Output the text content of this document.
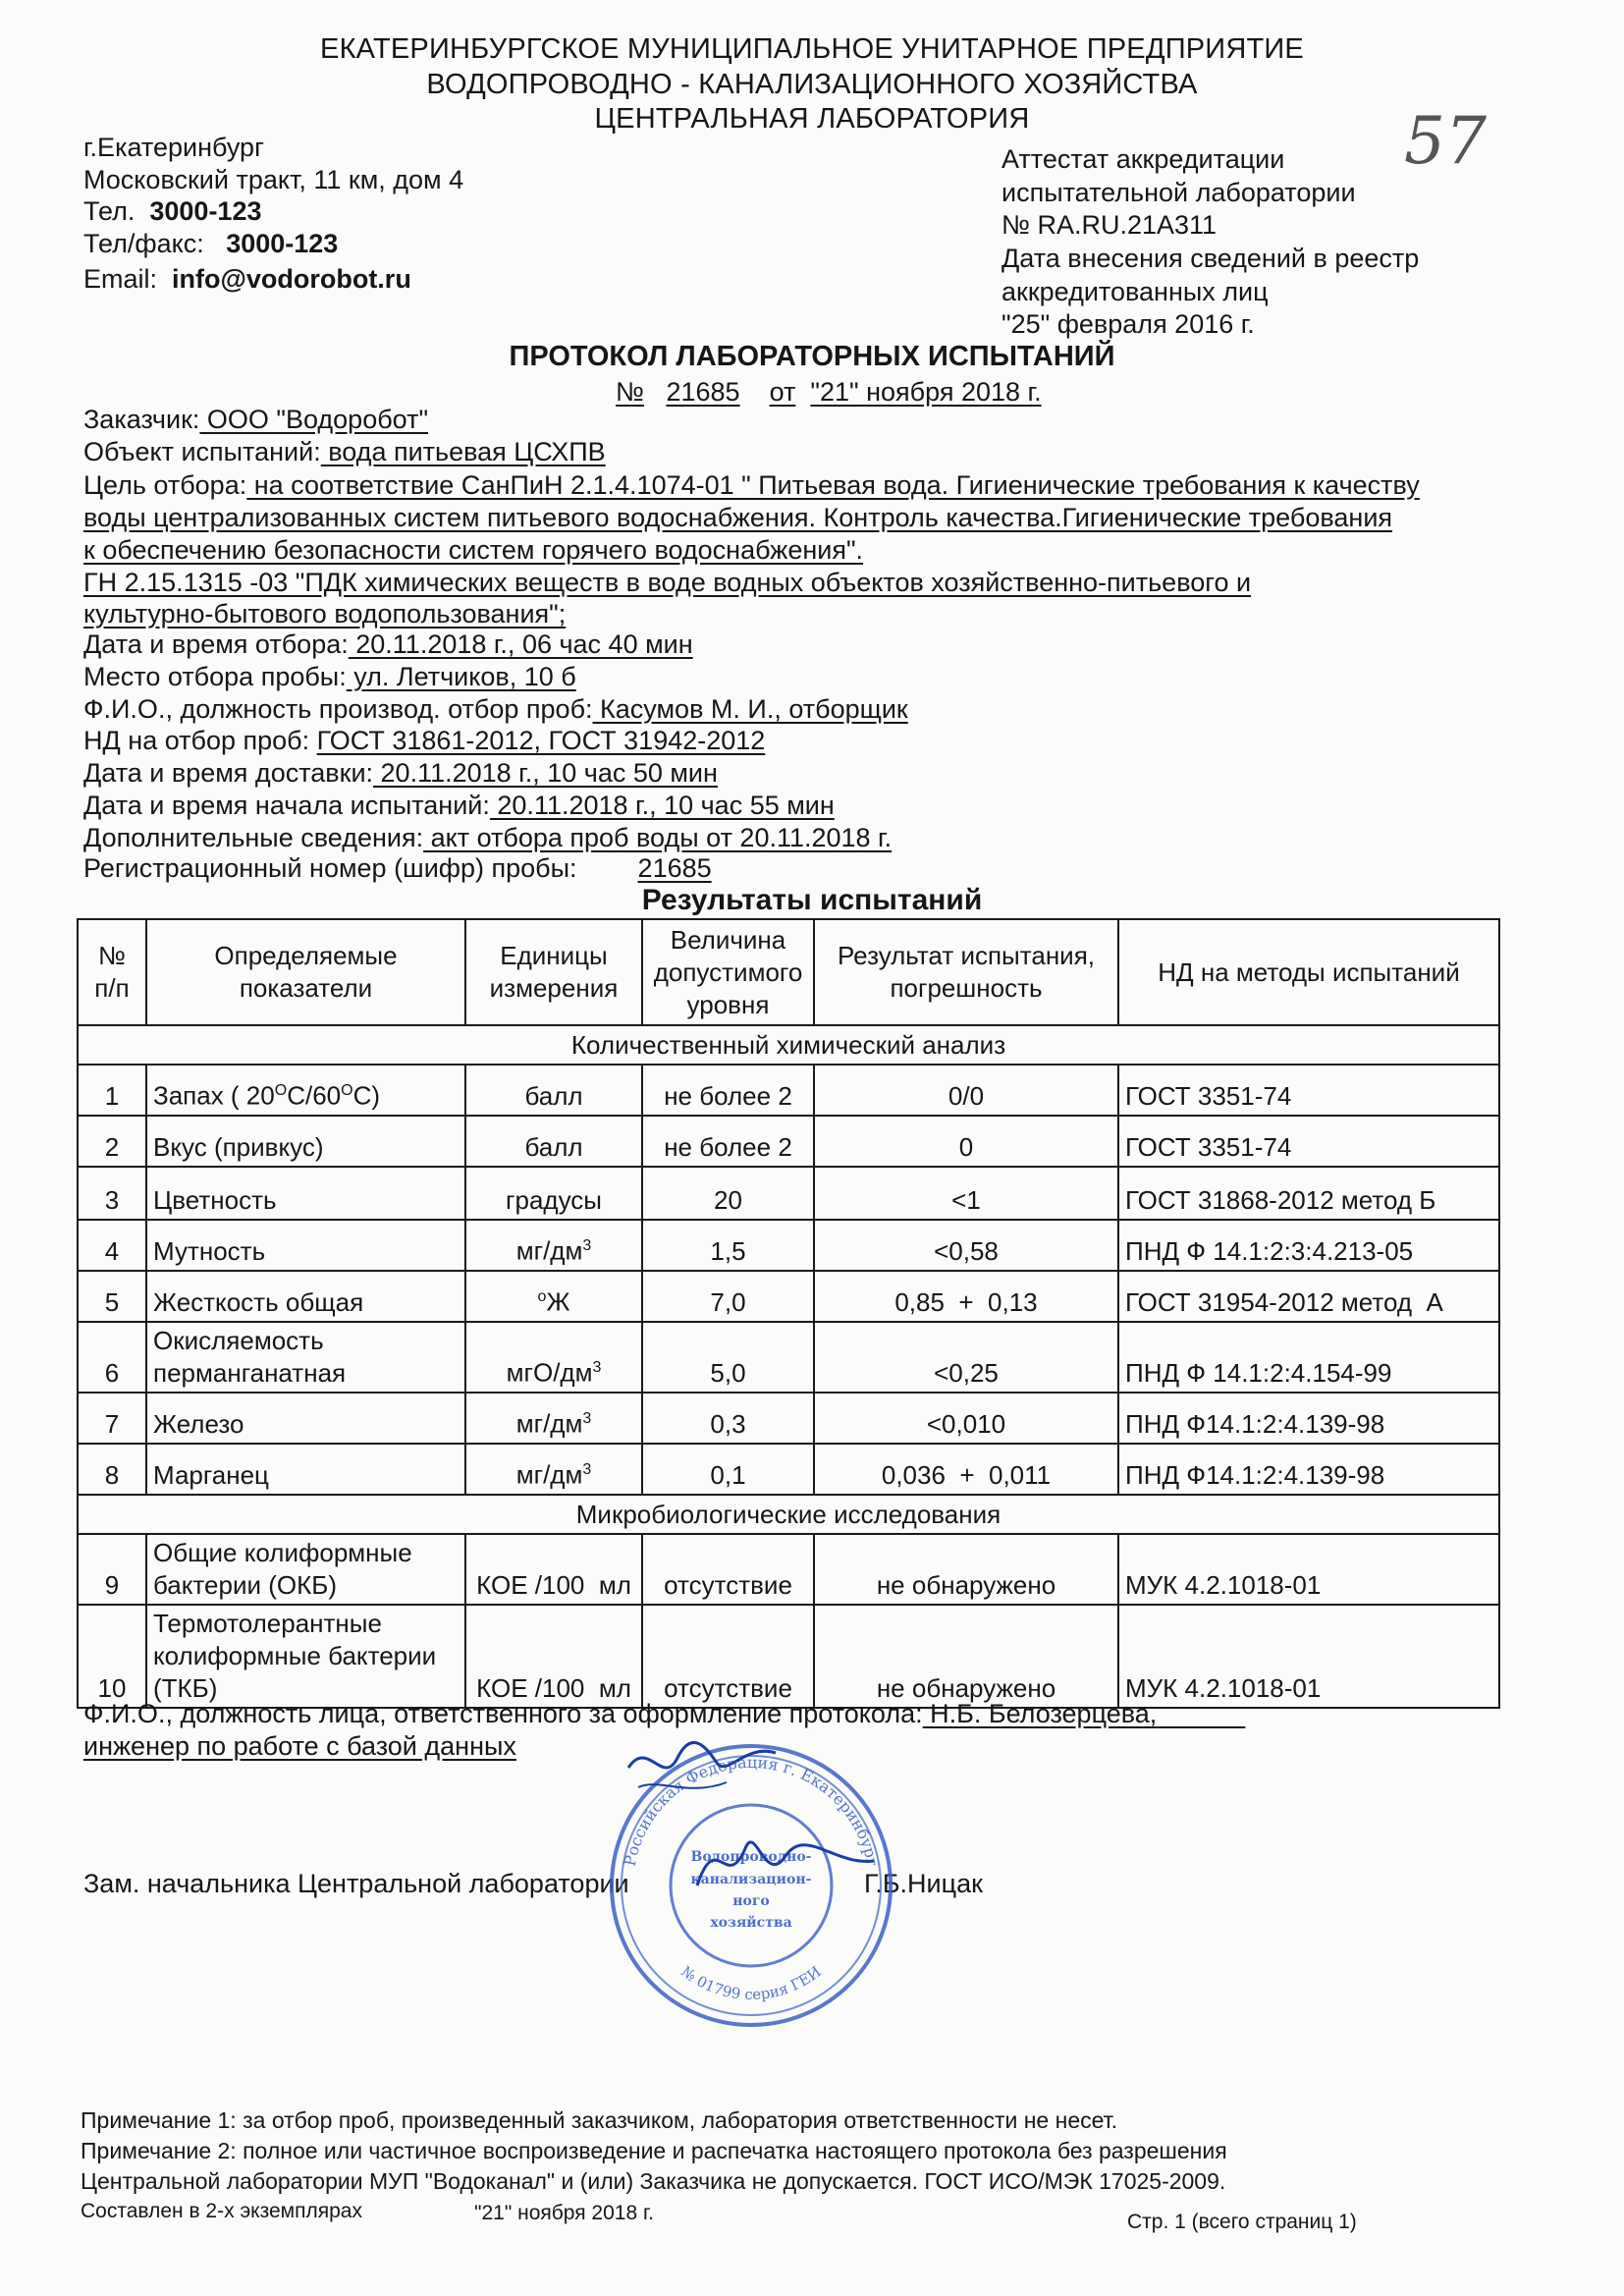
ЕКАТЕРИНБУРГСКОЕ МУНИЦИПАЛЬНОЕ УНИТАРНОЕ ПРЕДПРИЯТИЕ
ВОДОПРОВОДНО - КАНАЛИЗАЦИОННОГО ХОЗЯЙСТВА
ЦЕНТРАЛЬНАЯ ЛАБОРАТОРИЯ	57
г.Екатеринбург
Московский тракт, 11 км, дом 4
Тел. 3000-123
Тел/факс: 3000-123
Email: info@vodorobot.ru
Аттестат аккредитации
испытательной лаборатории
№ RA.RU.21A311
Дата внесения сведений в реестр
аккредитованных лиц
"25" февраля 2016 г.
ПРОТОКОЛ ЛАБОРАТОРНЫХ ИСПЫТАНИЙ
№ 21685 от "21" ноября 2018 г.
Заказчик: ООО "Водоробот"
Объект испытаний: вода питьевая ЦСХПВ
Цель отбора: на соответствие СанПиН 2.1.4.1074-01 " Питьевая вода. Гигиенические требования к качеству
воды централизованных систем питьевого водоснабжения. Контроль качества.Гигиенические требования
к обеспечению безопасности систем горячего водоснабжения".
ГН 2.15.1315 -03 "ПДК химических веществ в воде водных объектов хозяйственно-питьевого и
культурно-бытового водопользования";
Дата и время отбора: 20.11.2018 г., 06 час 40 мин
Место отбора пробы: ул. Летчиков, 10 б
Ф.И.О., должность производ. отбор проб: Касумов М. И., отборщик
НД на отбор проб: ГОСТ 31861-2012, ГОСТ 31942-2012
Дата и время доставки: 20.11.2018 г., 10 час 50 мин
Дата и время начала испытаний: 20.11.2018 г., 10 час 55 мин
Дополнительные сведения: акт отбора проб воды от 20.11.2018 г.
Регистрационный номер (шифр) пробы: 21685
Результаты испытаний
№ п/п	Определяемые показатели	Единицы измерения	Величина допустимого уровня	Результат испытания, погрешность	НД на методы испытаний
Количественный химический анализ					
1	Запах ( $20^ОС/60^ОС$)	балл	не более 2	0/0	ГОСТ 3351-74
2	Вкус (привкус)	балл	не более 2	0	ГОСТ 3351-74
3	Цветность	градусы	20	<1	ГОСТ 31868-2012 метод Б
4	Мутность	$мг/дм^3$	1,5	<0,58	ПНД Ф 14.1:2:3:4.213-05
5	Жесткость общая	$^о$Ж	7,0	0,85  +  0,13	ГОСТ 31954-2012 метод  А
6	Окисляемость
перманганатная	мгО/$дм^3$	5,0	<0,25	ПНД Ф 14.1:2:4.154-99
7	Железо	$мг/дм^3$	0,3	<0,010	ПНД Ф14.1:2:4.139-98
8	Марганец	$мг/дм^3$	0,1	0,036  +  0,011	ПНД Ф14.1:2:4.139-98
Микробиологические исследования					
9	Общие колиформные
бактерии (ОКБ)	КОЕ /100  мл	отсутствие	не обнаружено	МУК 4.2.1018-01
10	Термотолерантные
колиформные бактерии
(ТКБ)	КОЕ /100  мл	отсутствие	не обнаружено	МУК 4.2.1018-01
Ф.И.О., должность лица, ответственного за оформление протокола: Н.Б. Белозерцева,
инженер по работе с базой данных
Зам. начальника Центральной лаборатории	Г.Б.Ницак
Российская Федерация г. Екатеринбург
№ 01799 серия ГЕИ
Водопроводно-
канализацион-
ного
хозяйства
Примечание 1: за отбор проб, произведенный заказчиком, лаборатория ответственности не несет.
Примечание 2: полное или частичное воспроизведение и распечатка настоящего протокола без разрешения
Центральной лаборатории МУП "Водоканал" и (или) Заказчика не допускается. ГОСТ ИСО/МЭК 17025-2009.
Составлен в 2-х экземплярах	"21" ноября 2018 г.	Стр. 1 (всего страниц 1)
